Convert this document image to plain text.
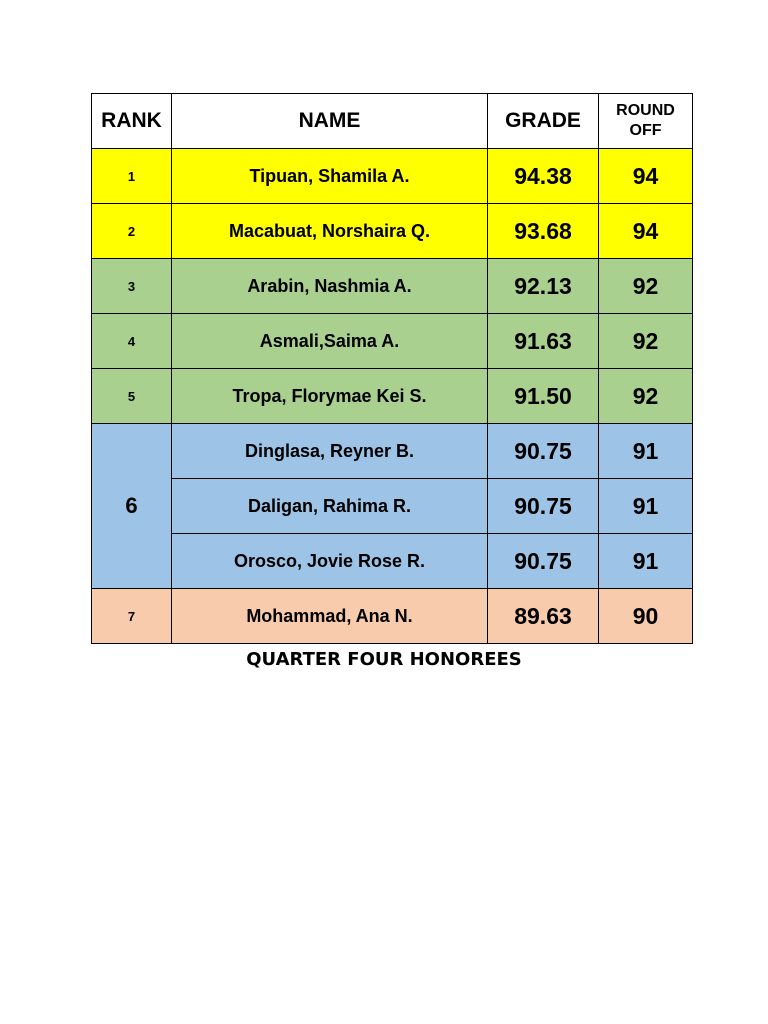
RANK	NAME	GRADE	ROUND
OFF
1	Tipuan, Shamila A.	94.38	94
2	Macabuat, Norshaira Q.	93.68	94
3	Arabin, Nashmia A.	92.13	92
4	Asmali,Saima A.	91.63	92
5	Tropa, Florymae Kei S.	91.50	92
6	Dinglasa, Reyner B.	90.75	91
	Daligan, Rahima R.	90.75	91
	Orosco, Jovie Rose R.	90.75	91
7	Mohammad, Ana N.	89.63	90
QUARTER FOUR HONOREES
